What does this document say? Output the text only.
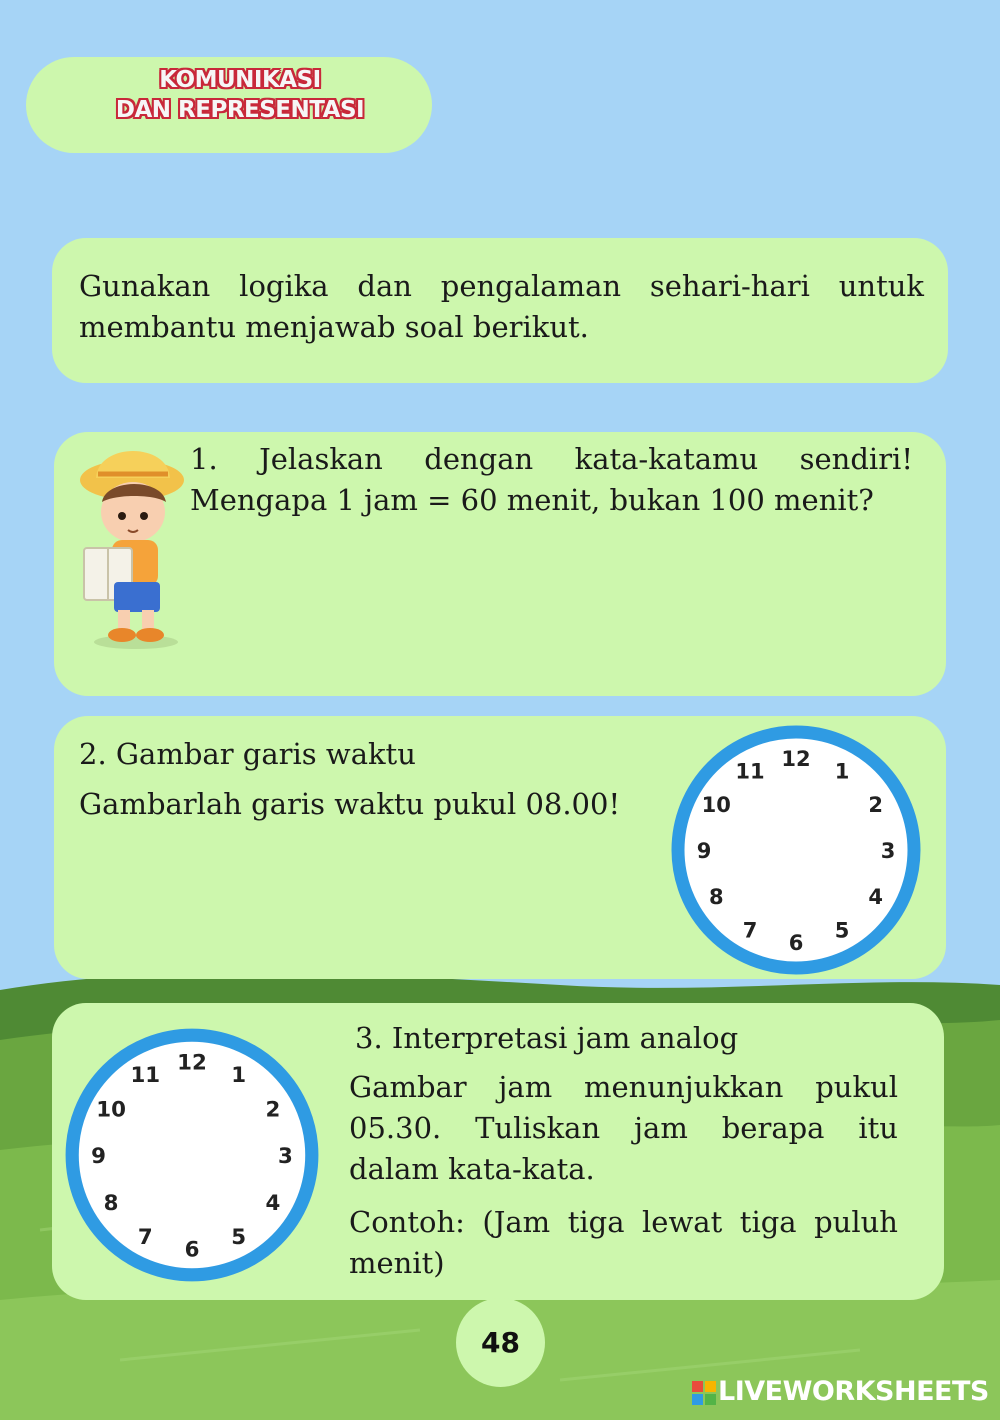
KOMUNIKASI
DAN REPRESENTASI

Gunakan logika dan pengalaman sehari-hari untuk membantu menjawab soal berikut.

1. Jelaskan dengan kata-katamu sendiri! Mengapa 1 jam = 60 menit, bukan 100 menit?

2. Gambar garis waktu

Gambarlah garis waktu pukul 08.00!

12
1
2
3
4
5
6
7
8
9
10
11
12 1
2
3
4
5
6
7
8
9
10
11

3. Interpretasi jam analog

Gambar jam menunjukkan pukul 05.30. Tuliskan jam berapa itu dalam kata-kata.

Contoh: (Jam tiga lewat tiga puluh menit)

48
LIVEWORKSHEETS
